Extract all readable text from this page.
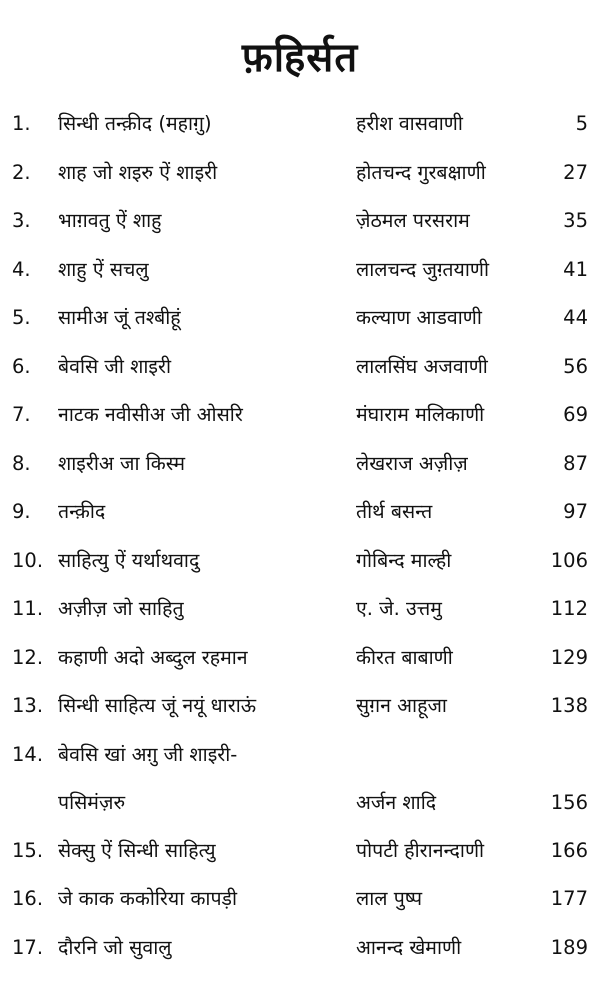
फ़हिर्सत
1. सिन्धी तन्क़ीद (महाग़ु)	हरीश वासवाणी	5
2. शाह जो शइरु ऐं शाइरी	होतचन्द गुरबक्षाणी	27
3. भाग़वतु ऐं शाहु	ज़ेठमल परसराम	35
4. शाहु ऐं सचलु	लालचन्द जुग़्तयाणी	41
5. सामीअ जूं तश्बीहूं	कल्याण आडवाणी	44
6. बेवसि जी शाइरी	लालसिंघ अजवाणी	56
7. नाटक नवीसीअ जी ओसरि	मंघाराम मलिकाणी	69
8. शाइरीअ जा किस्म	लेखराज अज़ीज़	87
9. तन्क़ीद	तीर्थ बसन्त	97
10. साहित्यु ऐं यर्थाथवादु	गोबिन्द माल्ही	106
11. अज़ीज़ जो साहितु	ए. जे. उत्तमु	112
12. कहाणी अदो अब्दुल रहमान	कीरत बाबाणी	129
13. सिन्धी साहित्य जूं नयूं धाराऊं	सुग़न आहूजा	138
14. बेवसि खां अग़ु जी शाइरी-
पसिमंज़रु	अर्जन शादि	156
15. सेक्सु ऐं सिन्धी साहित्यु	पोपटी हीरानन्दाणी	166
16. जे काक ककोरिया कापड़ी	लाल पुष्प	177
17. दौरनि जो सुवालु	आनन्द खेमाणी	189
